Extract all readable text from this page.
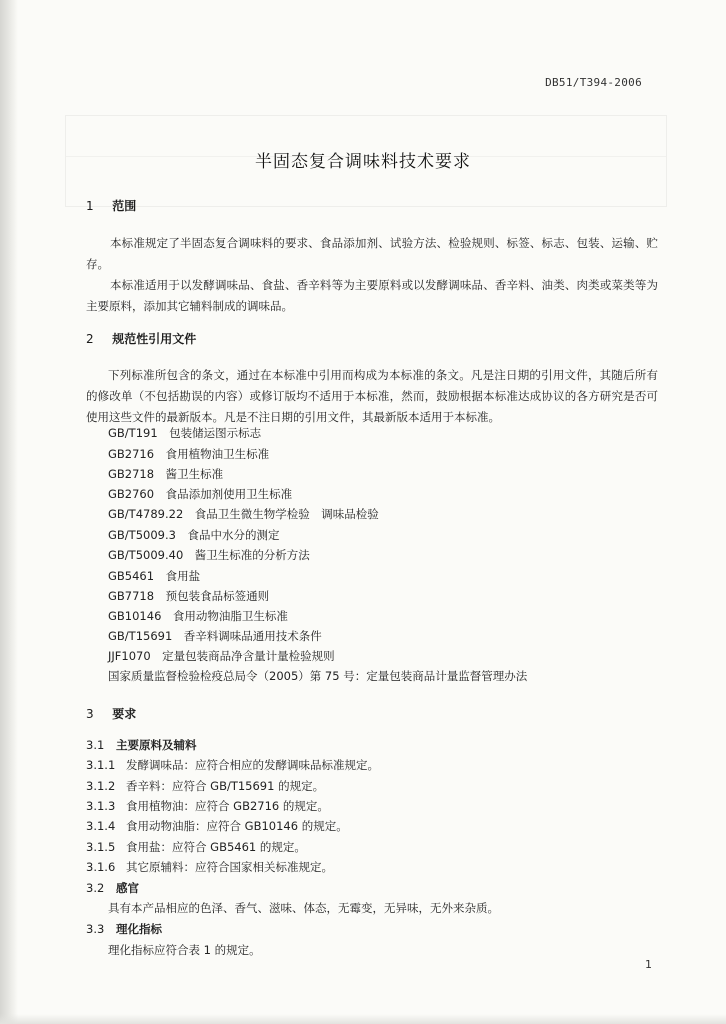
DB51/T394-2006
半固态复合调味料技术要求
1 范围
本标准规定了半固态复合调味料的要求、食品添加剂、试验方法、检验规则、标签、标志、包装、运输、贮存。
本标准适用于以发酵调味品、食盐、香辛料等为主要原料或以发酵调味品、香辛料、油类、肉类或菜类等为主要原料，添加其它辅料制成的调味品。
2 规范性引用文件
下列标准所包含的条文，通过在本标准中引用而构成为本标准的条文。凡是注日期的引用文件，其随后所有的修改单（不包括勘误的内容）或修订版均不适用于本标准，然而，鼓励根据本标准达成协议的各方研究是否可使用这些文件的最新版本。凡是不注日期的引用文件，其最新版本适用于本标准。
GB/T191　包装储运图示标志
GB2716　食用植物油卫生标准
GB2718　酱卫生标准
GB2760　食品添加剂使用卫生标准
GB/T4789.22　食品卫生微生物学检验　调味品检验
GB/T5009.3　食品中水分的测定
GB/T5009.40　酱卫生标准的分析方法
GB5461　食用盐
GB7718　预包装食品标签通则
GB10146　食用动物油脂卫生标准
GB/T15691　香辛料调味品通用技术条件
JJF1070　定量包装商品净含量计量检验规则
国家质量监督检验检疫总局令（2005）第 75 号：定量包装商品计量监督管理办法
3 要求
3.1 主要原料及辅料
3.1.1 发酵调味品：应符合相应的发酵调味品标准规定。
3.1.2 香辛料：应符合 GB/T15691 的规定。
3.1.3 食用植物油：应符合 GB2716 的规定。
3.1.4 食用动物油脂：应符合 GB10146 的规定。
3.1.5 食用盐：应符合 GB5461 的规定。
3.1.6 其它原辅料：应符合国家相关标准规定。
3.2 感官
具有本产品相应的色泽、香气、滋味、体态，无霉变，无异味，无外来杂质。
3.3 理化指标
理化指标应符合表 1 的规定。
1
